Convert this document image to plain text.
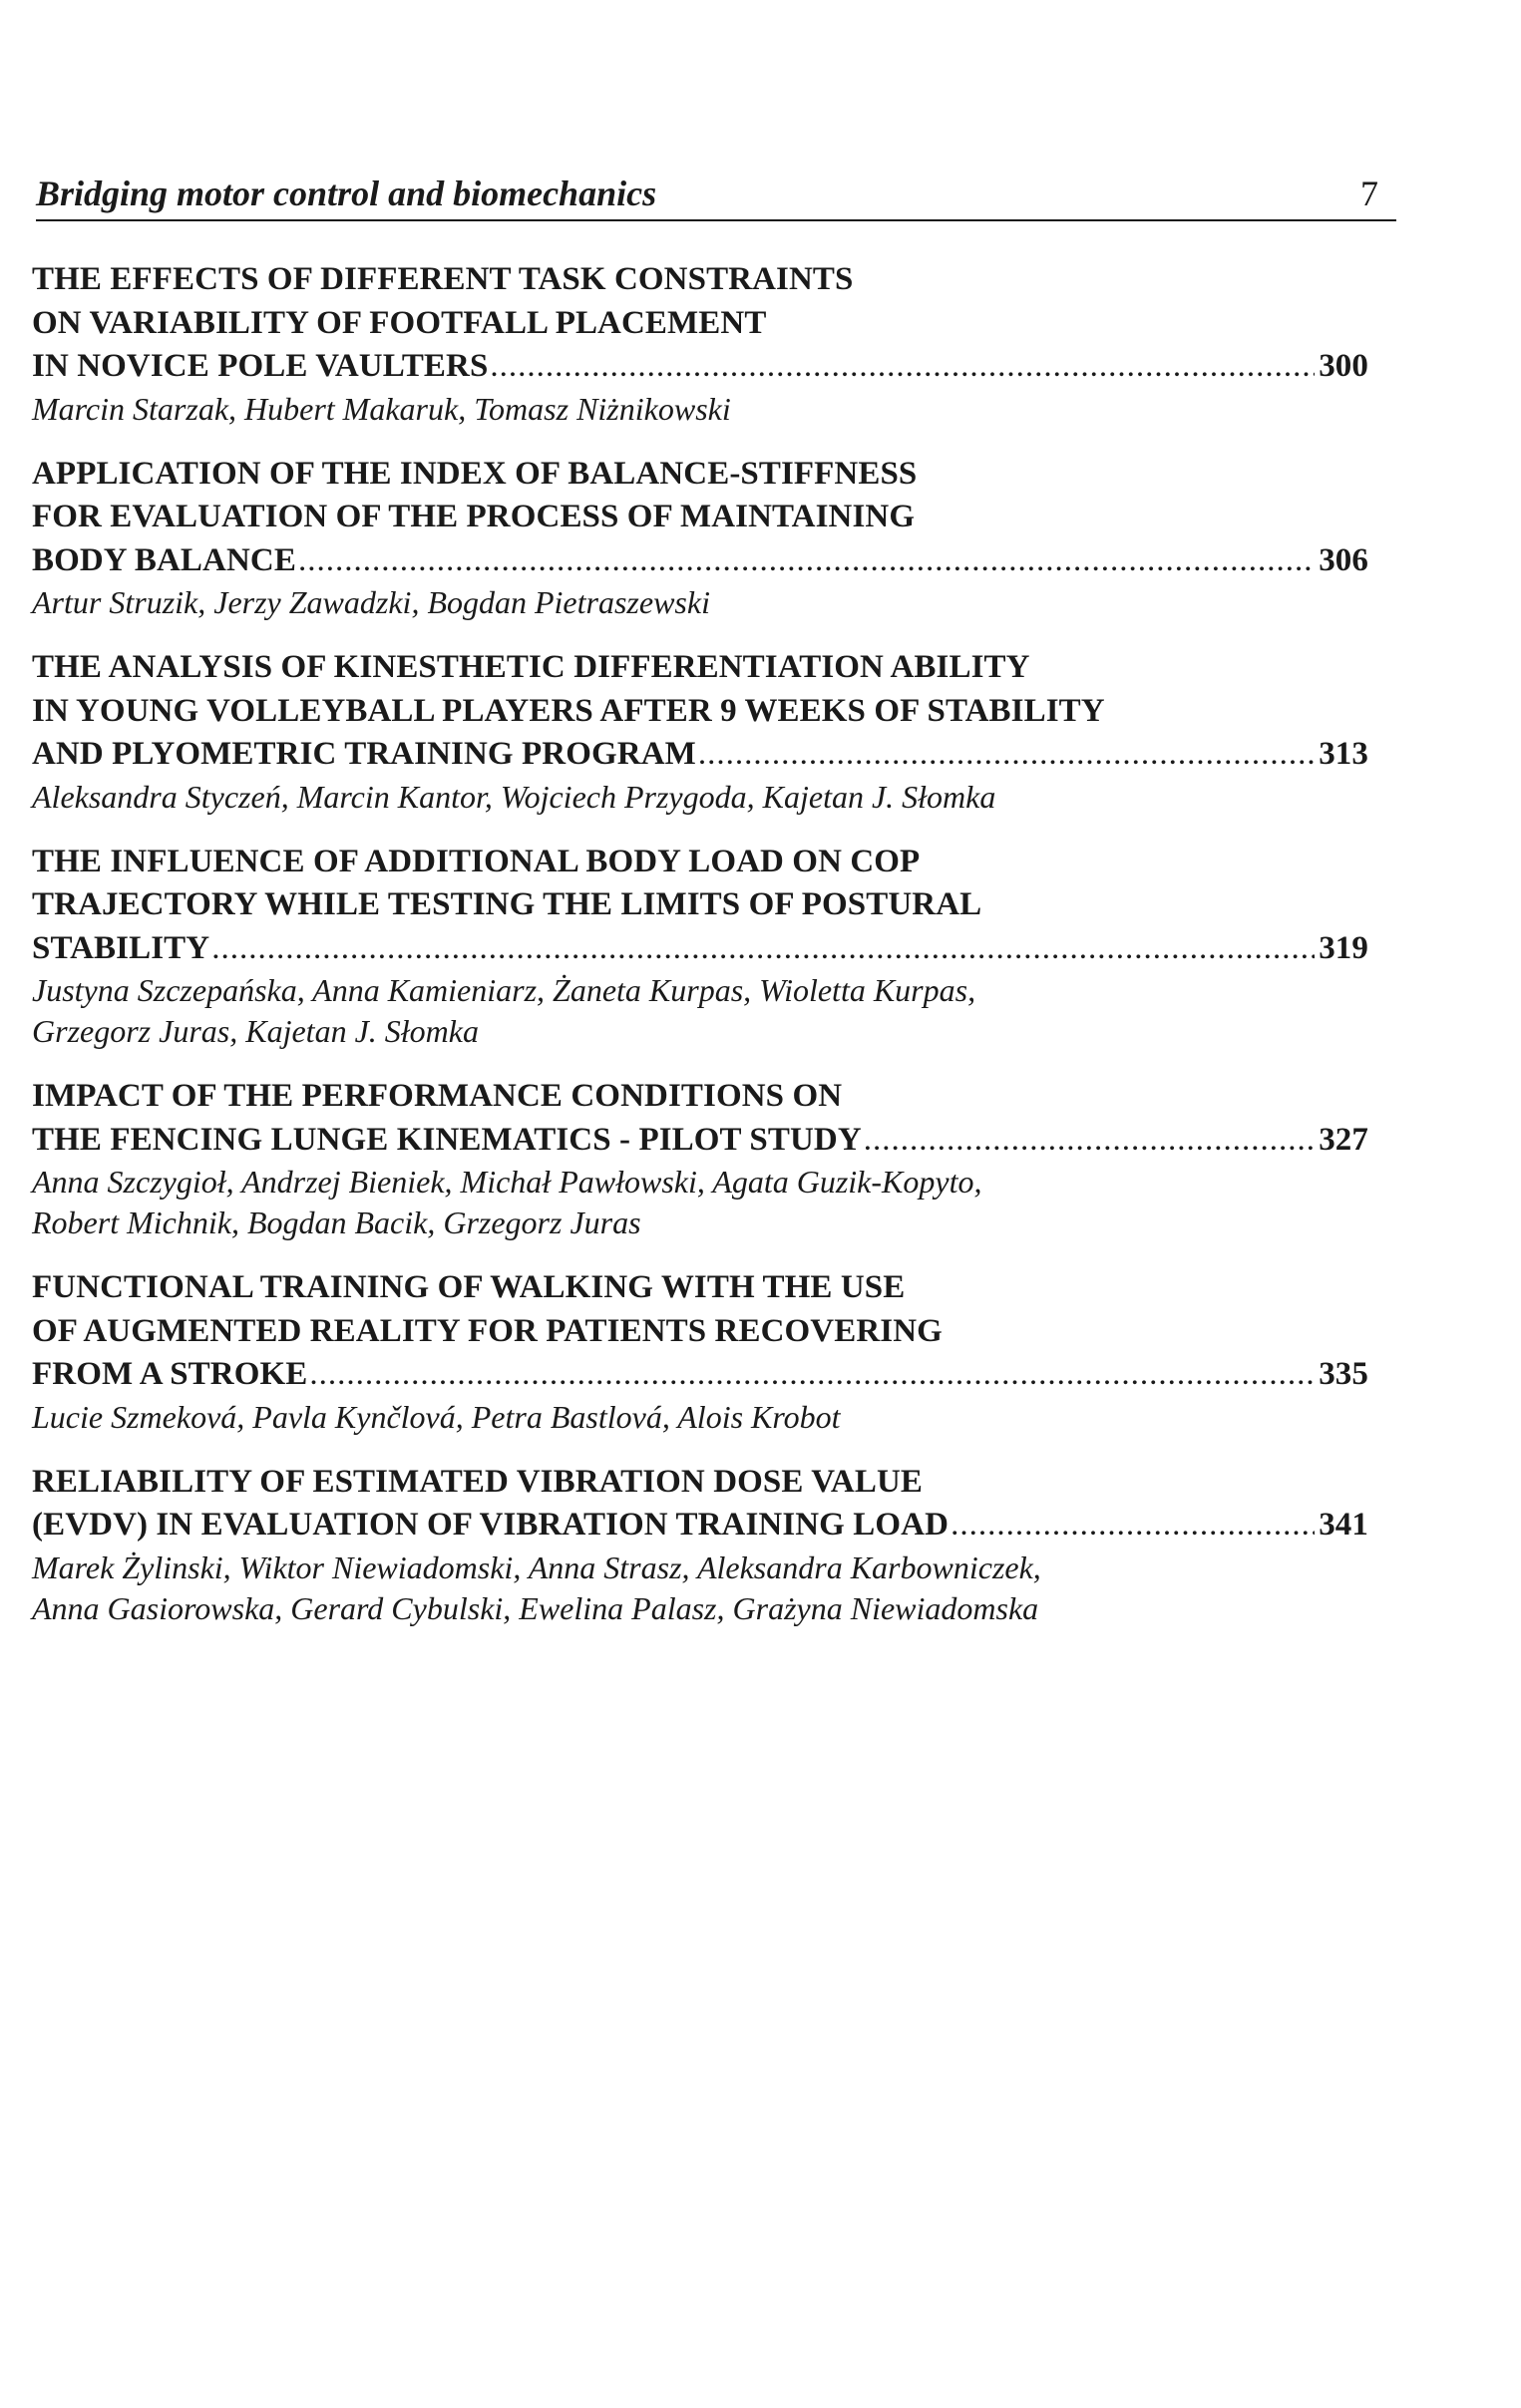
Bridging motor control and biomechanics	7
THE EFFECTS OF DIFFERENT TASK CONSTRAINTS
ON VARIABILITY OF FOOTFALL PLACEMENT
IN NOVICE POLE VAULTERS .....	300
Marcin Starzak, Hubert Makaruk, Tomasz Niżnikowski
APPLICATION OF THE INDEX OF BALANCE-STIFFNESS
FOR EVALUATION OF THE PROCESS OF MAINTAINING
BODY BALANCE .....	306
Artur Struzik, Jerzy Zawadzki, Bogdan Pietraszewski
THE ANALYSIS OF KINESTHETIC DIFFERENTIATION ABILITY
IN YOUNG VOLLEYBALL PLAYERS AFTER 9 WEEKS OF STABILITY
AND PLYOMETRIC TRAINING PROGRAM .....	313
Aleksandra Styczeń, Marcin Kantor, Wojciech Przygoda, Kajetan J. Słomka
THE INFLUENCE OF ADDITIONAL BODY LOAD ON COP
TRAJECTORY WHILE TESTING THE LIMITS OF POSTURAL
STABILITY .....	319
Justyna Szczepańska, Anna Kamieniarz, Żaneta Kurpas, Wioletta Kurpas,
Grzegorz Juras, Kajetan J. Słomka
IMPACT OF THE PERFORMANCE CONDITIONS ON
THE FENCING LUNGE KINEMATICS - PILOT STUDY .....	327
Anna Szczygioł, Andrzej Bieniek, Michał Pawłowski, Agata Guzik-Kopyto,
Robert Michnik, Bogdan Bacik, Grzegorz Juras
FUNCTIONAL TRAINING OF WALKING WITH THE USE
OF AUGMENTED REALITY FOR PATIENTS RECOVERING
FROM A STROKE .....	335
Lucie Szmeková, Pavla Kynčlová, Petra Bastlová, Alois Krobot
RELIABILITY OF ESTIMATED VIBRATION DOSE VALUE
(EVDV) IN EVALUATION OF VIBRATION TRAINING LOAD .....	341
Marek Żylinski, Wiktor Niewiadomski, Anna Strasz, Aleksandra Karbowniczek,
Anna Gasiorowska, Gerard Cybulski, Ewelina Palasz, Grażyna Niewiadomska
